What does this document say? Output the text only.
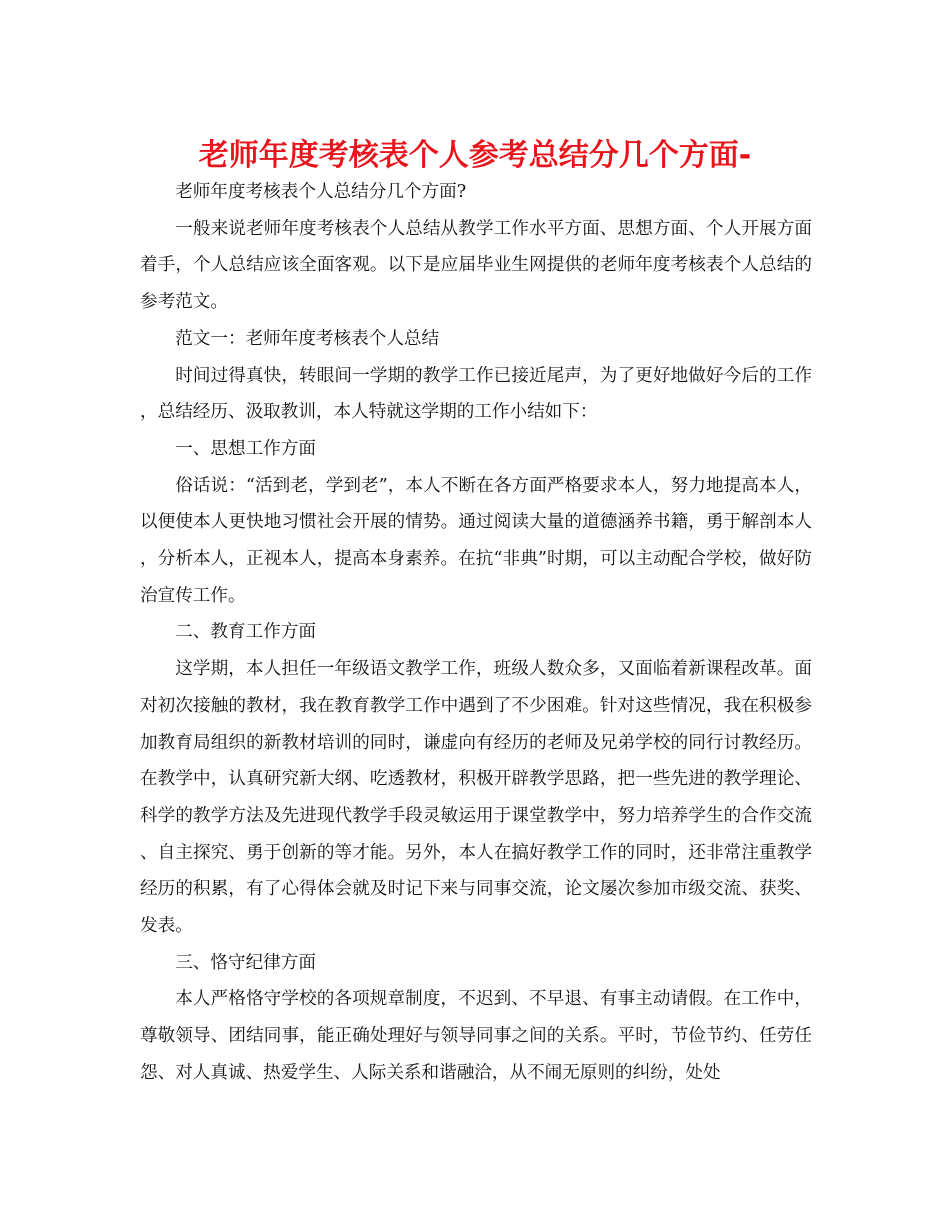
老师年度考核表个人参考总结分几个方面-

老师年度考核表个人总结分几个方面?

一般来说老师年度考核表个人总结从教学工作水平方面、思想方面、个人开展方面着手，个人总结应该全面客观。以下是应届毕业生网提供的老师年度考核表个人总结的参考范文。

范文一：老师年度考核表个人总结

时间过得真快，转眼间一学期的教学工作已接近尾声，为了更好地做好今后的工作，总结经历、汲取教训，本人特就这学期的工作小结如下：

一、思想工作方面

俗话说：“活到老，学到老”，本人不断在各方面严格要求本人，努力地提高本人，以便使本人更快地习惯社会开展的情势。通过阅读大量的道德涵养书籍，勇于解剖本人，分析本人，正视本人，提高本身素养。在抗“非典”时期，可以主动配合学校，做好防治宣传工作。

二、教育工作方面

这学期，本人担任一年级语文教学工作，班级人数众多，又面临着新课程改革。面对初次接触的教材，我在教育教学工作中遇到了不少困难。针对这些情况，我在积极参加教育局组织的新教材培训的同时，谦虚向有经历的老师及兄弟学校的同行讨教经历。在教学中，认真研究新大纲、吃透教材，积极开辟教学思路，把一些先进的教学理论、科学的教学方法及先进现代教学手段灵敏运用于课堂教学中，努力培养学生的合作交流、自主探究、勇于创新的等才能。另外，本人在搞好教学工作的同时，还非常注重教学经历的积累，有了心得体会就及时记下来与同事交流，论文屡次参加市级交流、获奖、发表。

三、恪守纪律方面

本人严格恪守学校的各项规章制度，不迟到、不早退、有事主动请假。在工作中，尊敬领导、团结同事，能正确处理好与领导同事之间的关系。平时，节俭节约、任劳任怨、对人真诚、热爱学生、人际关系和谐融洽，从不闹无原则的纠纷，处处
